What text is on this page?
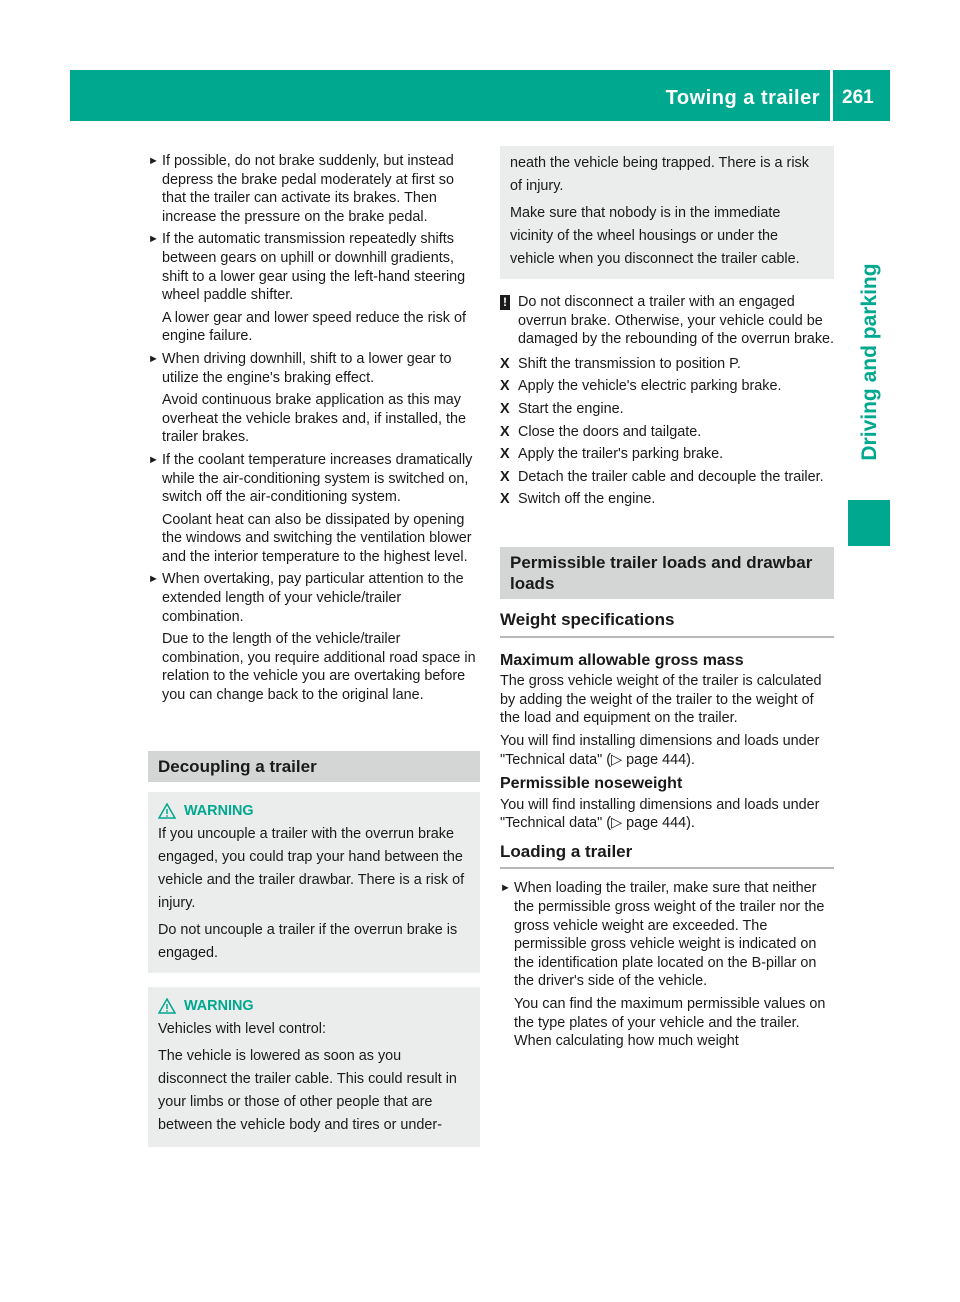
Towing a trailer 261
Driving and parking
► If possible, do not brake suddenly, but instead depress the brake pedal moderately at first so that the trailer can activate its brakes. Then increase the pressure on the brake pedal.

► If the automatic transmission repeatedly shifts between gears on uphill or downhill gradients, shift to a lower gear using the left-hand steering wheel paddle shifter.

A lower gear and lower speed reduce the risk of engine failure.

► When driving downhill, shift to a lower gear to utilize the engine's braking effect.

Avoid continuous brake application as this may overheat the vehicle brakes and, if installed, the trailer brakes.

► If the coolant temperature increases dramatically while the air-conditioning system is switched on, switch off the air-conditioning system.

Coolant heat can also be dissipated by opening the windows and switching the ventilation blower and the interior temperature to the highest level.

► When overtaking, pay particular attention to the extended length of your vehicle/trailer combination.

Due to the length of the vehicle/trailer combination, you require additional road space in relation to the vehicle you are overtaking before you can change back to the original lane.

Decoupling a trailer
WARNING

If you uncouple a trailer with the overrun brake engaged, you could trap your hand between the vehicle and the trailer drawbar. There is a risk of injury.

Do not uncouple a trailer if the overrun brake is engaged.

WARNING

Vehicles with level control:

The vehicle is lowered as soon as you disconnect the trailer cable. This could result in your limbs or those of other people that are between the vehicle body and tires or under-

neath the vehicle being trapped. There is a risk of injury.

Make sure that nobody is in the immediate vicinity of the wheel housings or under the vehicle when you disconnect the trailer cable.

! Do not disconnect a trailer with an engaged overrun brake. Otherwise, your vehicle could be damaged by the rebounding of the overrun brake.
X Shift the transmission to position P.
X Apply the vehicle's electric parking brake.
X Start the engine.
X Close the doors and tailgate.
X Apply the trailer's parking brake.
X Detach the trailer cable and decouple the trailer.
X Switch off the engine.
Permissible trailer loads and drawbar loads
Weight specifications
Maximum allowable gross mass

The gross vehicle weight of the trailer is calculated by adding the weight of the trailer to the weight of the load and equipment on the trailer.

You will find installing dimensions and loads under "Technical data" (▷ page 444).

Permissible noseweight

You will find installing dimensions and loads under "Technical data" (▷ page 444).

Loading a trailer
► When loading the trailer, make sure that neither the permissible gross weight of the trailer nor the gross vehicle weight are exceeded. The permissible gross vehicle weight is indicated on the identification plate located on the B-pillar on the driver's side of the vehicle.

You can find the maximum permissible values on the type plates of your vehicle and the trailer. When calculating how much weight
